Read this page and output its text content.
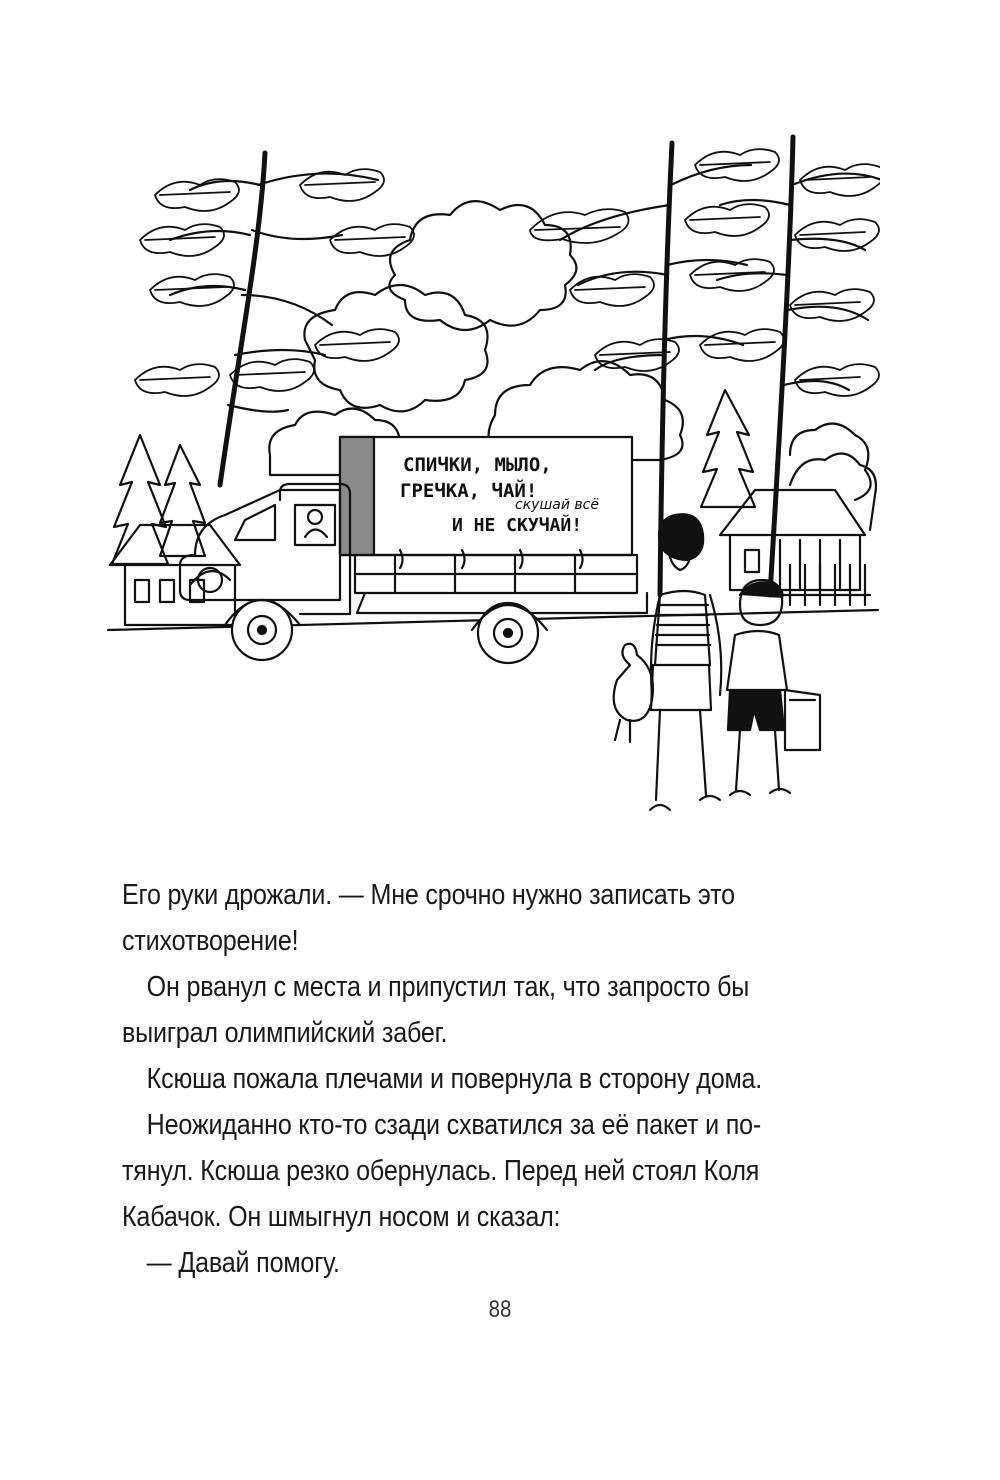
СПИЧКИ, МЫЛО,
ГРЕЧКА, ЧАЙ!
скушай всё
И НЕ СКУЧАЙ!

Его руки дрожали. — Мне срочно нужно записать это

стихотворение!

Он рванул с места и припустил так, что запросто бы

выиграл олимпийский забег.

Ксюша пожала плечами и повернула в сторону дома.

Неожиданно кто-то сзади схватился за её пакет и по-

тянул. Ксюша резко обернулась. Перед ней стоял Коля

Кабачок. Он шмыгнул носом и сказал:

— Давай помогу.

88
